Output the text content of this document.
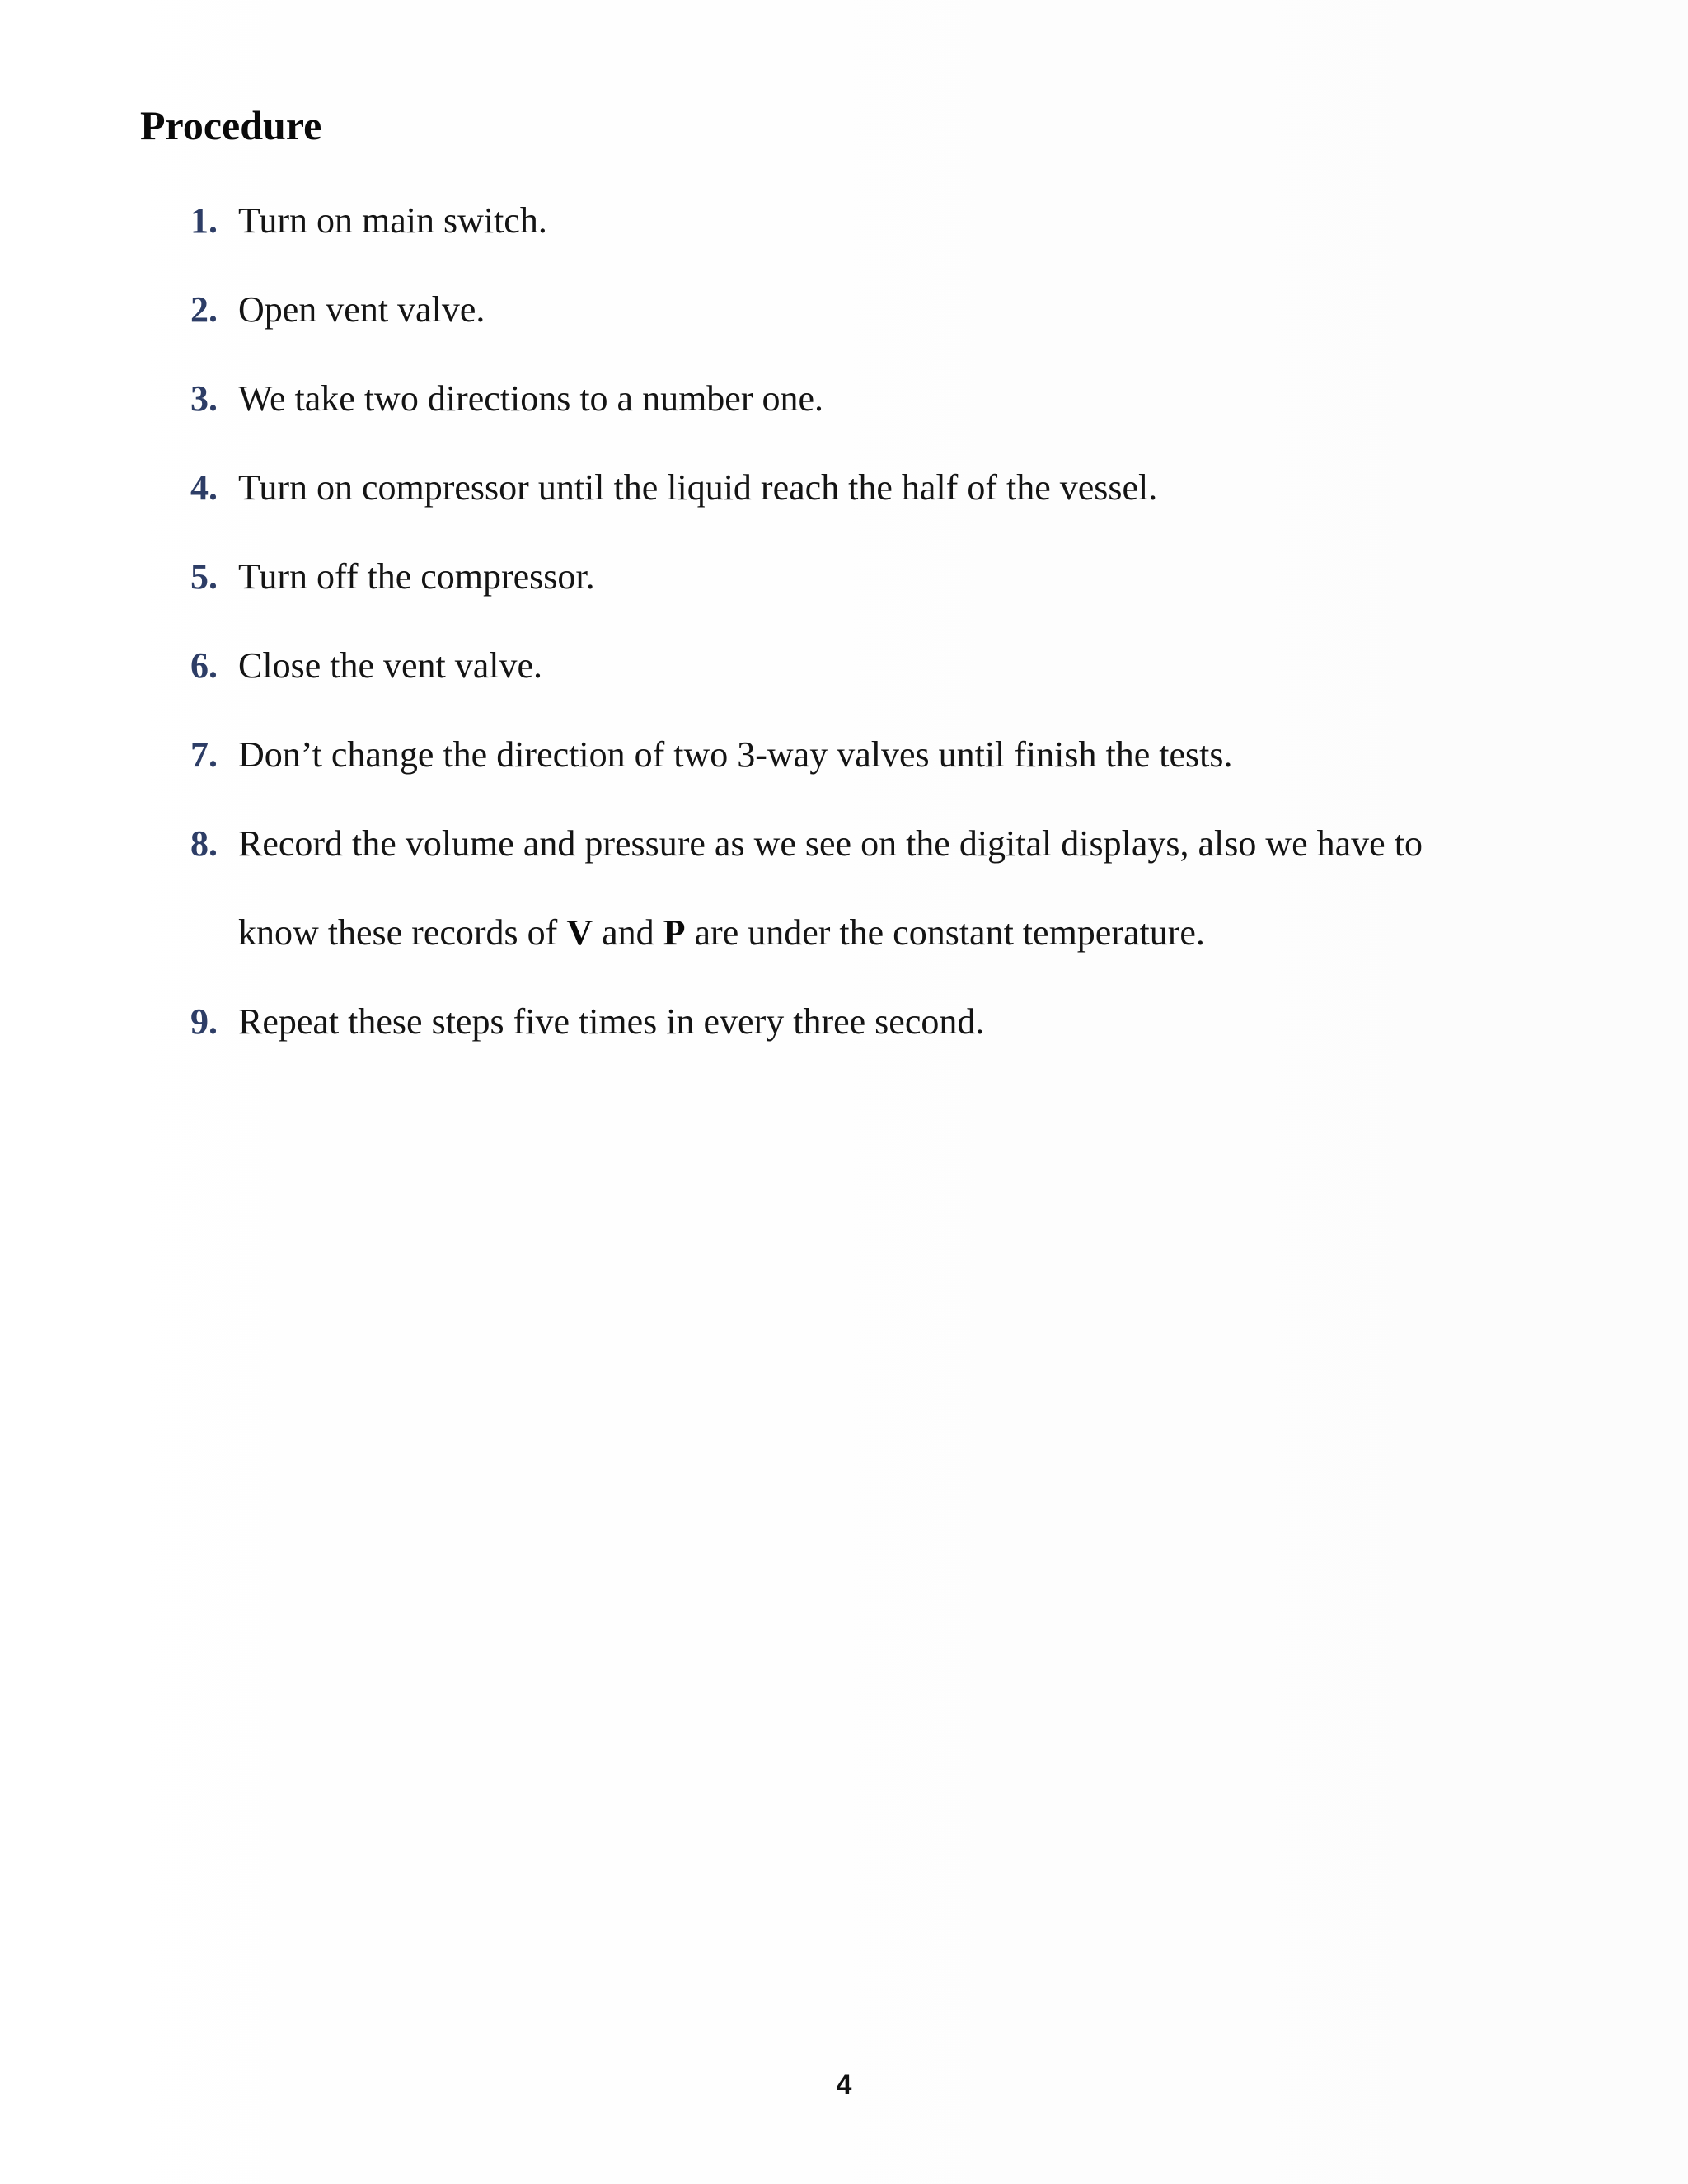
Procedure
1. Turn on main switch.
2. Open vent valve.
3. We take two directions to a number one.
4. Turn on compressor until the liquid reach the half of the vessel.
5. Turn off the compressor.
6. Close the vent valve.
7. Don’t change the direction of two 3-way valves until finish the tests.
8. Record the volume and pressure as we see on the digital displays, also we have to
know these records of V and P are under the constant temperature.
9. Repeat these steps five times in every three second.
4
